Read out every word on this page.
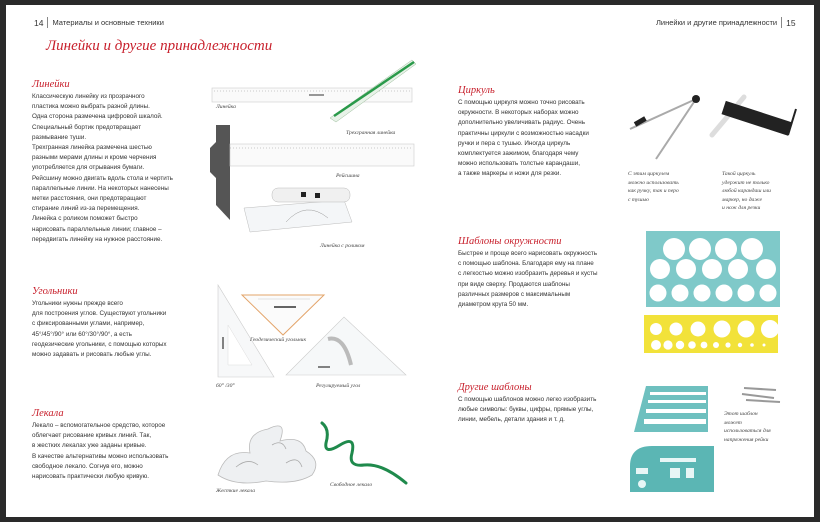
14 Материалы и основные техники
Линейки и другие принадлежности
Линейки
Классическую линейку из прозрачного
пластика можно выбрать разной длины.
Одна сторона размечена цифровой шкалой.
Специальный бортик предотвращает
размывание туши.
Трехгранная линейка размечена шестью
разными мерами длины и кроме черчения
употребляется для отрывания бумаги.
Рейсшину можно двигать вдоль стола и чертить
параллельные линии. На некоторых нанесены
метки расстояния, они предотвращают
стирание линий из-за перемещения.
Линейка с роликом поможет быстро
нарисовать параллельные линии; главное –
передвигать линейку на нужное расстояние.
Угольники
Угольники нужны прежде всего
для построения углов. Существуют угольники
с фиксированными углами, например,
45°/45°/90° или 60°/30°/90°, а есть
геодезические угольники, с помощью которых
можно задавать и рисовать любые углы.
Лекала
Лекало – вспомогательное средство, которое
облегчает рисование кривых линий. Так,
в жестких лекалах уже заданы кривые.
В качестве альтернативы можно использовать
свободное лекало. Согнув его, можно
нарисовать практически любую кривую.
Линейка
Трехгранная линейка
Рейсшина
Линейка с роликом
Геодезический угольник
60° /30°	Регулируемый угол
Жесткие лекала
Свободное лекало
Линейки и другие принадлежности 15
Циркуль
С помощью циркуля можно точно рисовать
окружности. В некоторых наборах можно
дополнительно увеличивать радиус. Очень
практичны циркули с возможностью насадки
ручки и пера с тушью. Иногда циркуль
комплектуется зажимом, благодаря чему
можно использовать толстые карандаши,
а также маркеры и ножи для резки.
Шаблоны окружности
Быстрее и проще всего нарисовать окружность
с помощью шаблона. Благодаря ему на плане
с легкостью можно изобразить деревья и кусты
при виде сверху. Продаются шаблоны
различных размеров с максимальным
диаметром круга 50 мм.
Другие шаблоны
С помощью шаблонов можно легко изобразить
любые символы: буквы, цифры, прямые углы,
линии, мебель, детали здания и т. д.
С этим циркулем
можно использовать
как ручку, так и перо
с тушью
Такой циркуль
удержит не только
любой карандаш или
маркер, но даже
и нож для резки
Этот шаблон
может
использоваться для
напряжения рейки
